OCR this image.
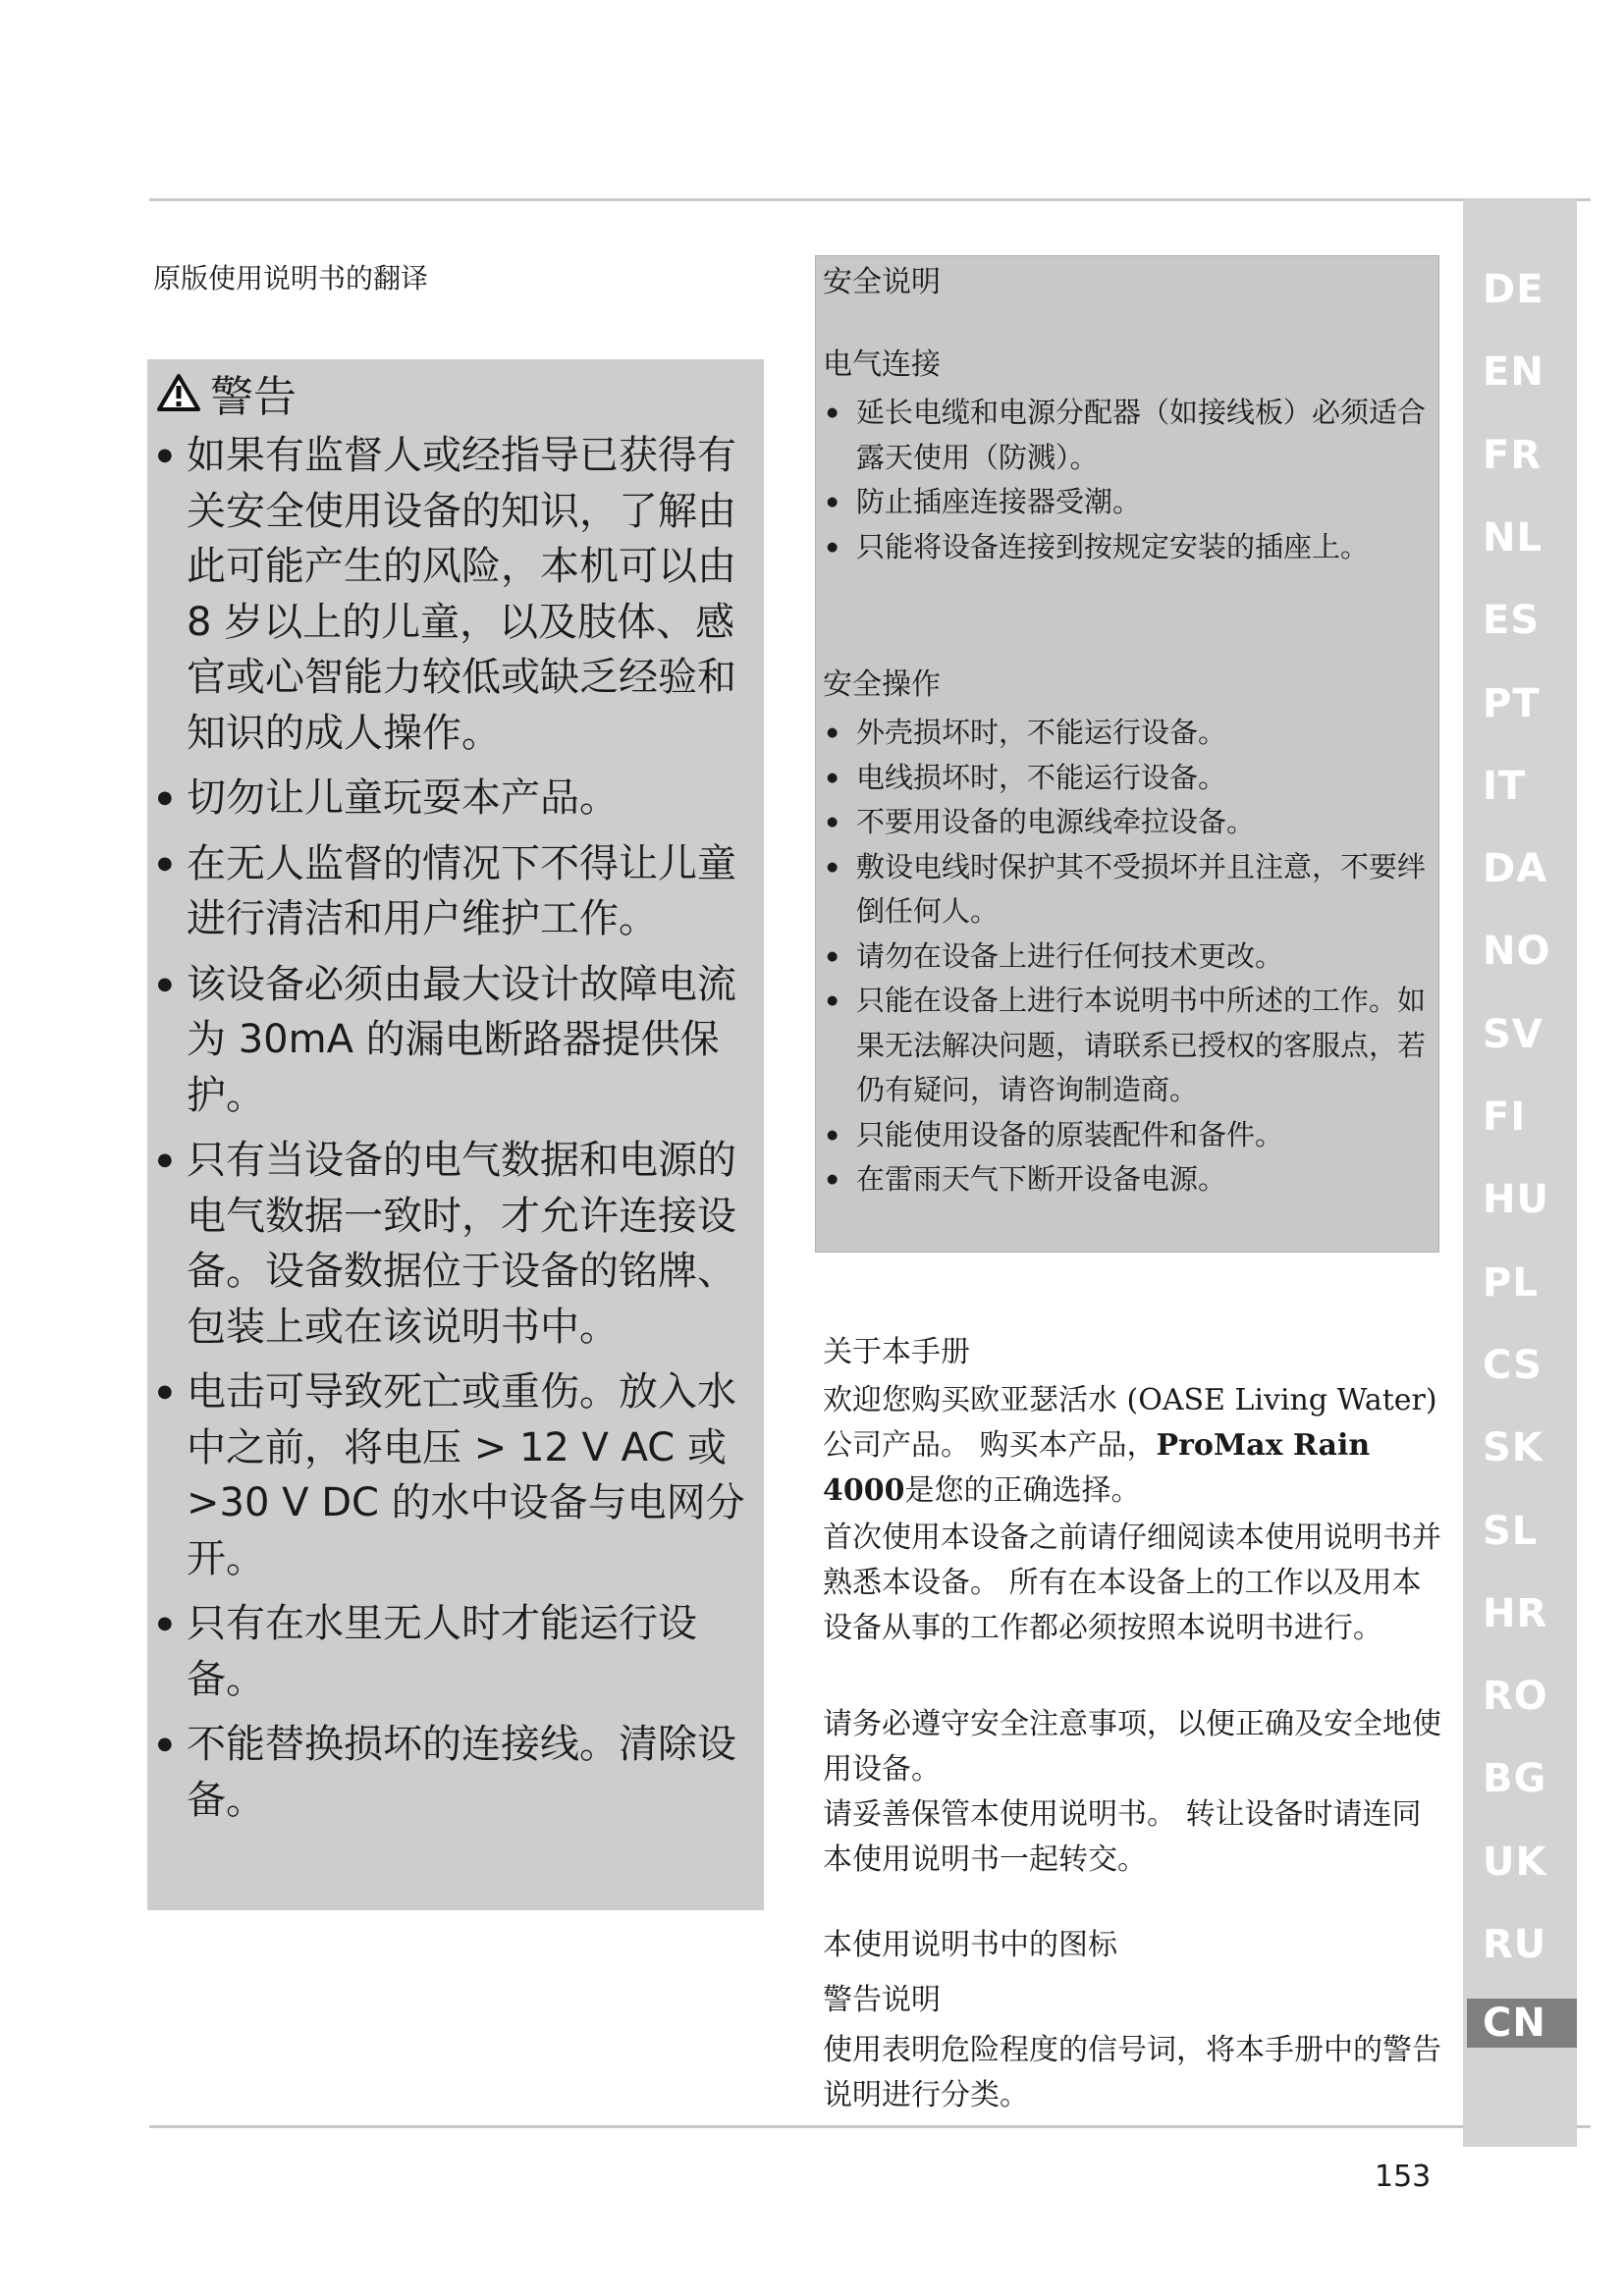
DE
EN
FR
NL
ES
PT
IT
DA
NO
SV
FI
HU
PL
CS
SK
SL
HR
RO
BG
UK
RU
CN
原版使用说明书的翻译
警告
● 如果有监督人或经指导已获得有关安全使用设备的知识，了解由此可能产生的风险，本机可以由 8 岁以上的儿童，以及肢体、感官或心智能力较低或缺乏经验和知识的成人操作。
● 切勿让儿童玩耍本产品。
● 在无人监督的情况下不得让儿童进行清洁和用户维护工作。
● 该设备必须由最大设计故障电流为 30mA 的漏电断路器提供保护。
● 只有当设备的电气数据和电源的电气数据一致时，才允许连接设备。设备数据位于设备的铭牌、包装上或在该说明书中。
● 电击可导致死亡或重伤。放入水中之前，将电压 > 12 V AC 或 >30 V DC 的水中设备与电网分开。
● 只有在水里无人时才能运行设备。
● 不能替换损坏的连接线。清除设备。
安全说明
电气连接
● 延长电缆和电源分配器（如接线板）必须适合露天使用（防溅）。
● 防止插座连接器受潮。
● 只能将设备连接到按规定安装的插座上。
安全操作
● 外壳损坏时，不能运行设备。
● 电线损坏时，不能运行设备。
● 不要用设备的电源线牵拉设备。
● 敷设电线时保护其不受损坏并且注意，不要绊倒任何人。
● 请勿在设备上进行任何技术更改。
● 只能在设备上进行本说明书中所述的工作。如果无法解决问题，请联系已授权的客服点，若仍有疑问，请咨询制造商。
● 只能使用设备的原装配件和备件。
● 在雷雨天气下断开设备电源。
关于本手册

欢迎您购买欧亚瑟活水 (OASE Living Water) 公司产品。 购买本产品，ProMax Rain 4000是您的正确选择。

首次使用本设备之前请仔细阅读本使用说明书并熟悉本设备。 所有在本设备上的工作以及用本设备从事的工作都必须按照本说明书进行。

请务必遵守安全注意事项，以便正确及安全地使用设备。

请妥善保管本使用说明书。 转让设备时请连同本使用说明书一起转交。

本使用说明书中的图标
警告说明

使用表明危险程度的信号词，将本手册中的警告说明进行分类。

153
